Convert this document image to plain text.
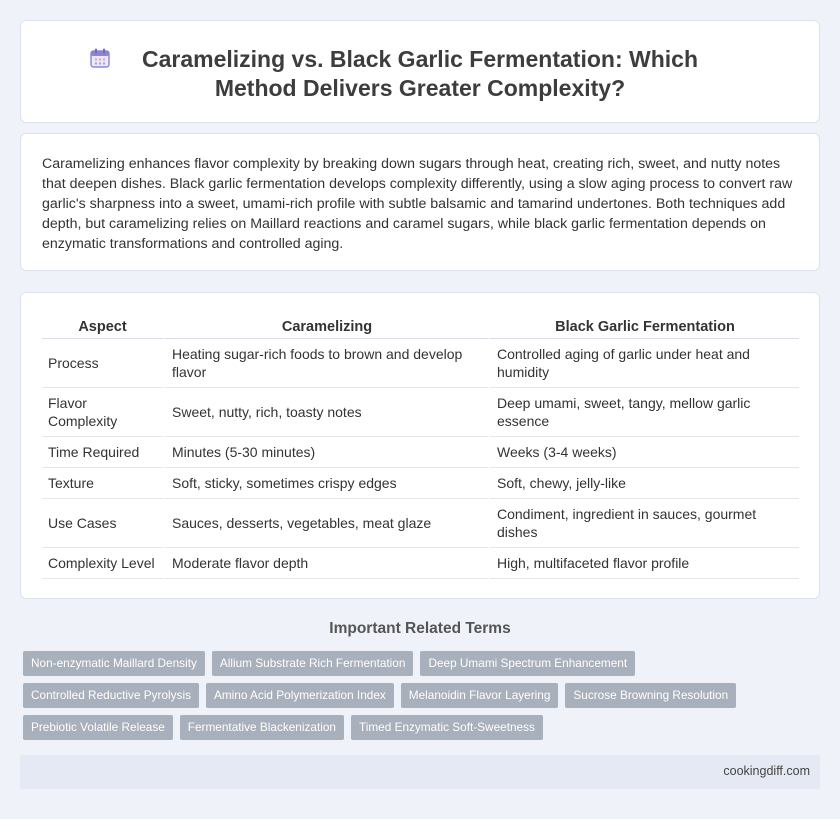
Caramelizing vs. Black Garlic Fermentation: Which Method Delivers Greater Complexity?

Caramelizing enhances flavor complexity by breaking down sugars through heat, creating rich, sweet, and nutty notes that deepen dishes. Black garlic fermentation develops complexity differently, using a slow aging process to convert raw garlic's sharpness into a sweet, umami-rich profile with subtle balsamic and tamarind undertones. Both techniques add depth, but caramelizing relies on Maillard reactions and caramel sugars, while black garlic fermentation depends on enzymatic transformations and controlled aging.

Aspect	Caramelizing	Black Garlic Fermentation
Process	Heating sugar-rich foods to brown and develop flavor	Controlled aging of garlic under heat and humidity
Flavor Complexity	Sweet, nutty, rich, toasty notes	Deep umami, sweet, tangy, mellow garlic essence
Time Required	Minutes (5-30 minutes)	Weeks (3-4 weeks)
Texture	Soft, sticky, sometimes crispy edges	Soft, chewy, jelly-like
Use Cases	Sauces, desserts, vegetables, meat glaze	Condiment, ingredient in sauces, gourmet dishes
Complexity Level	Moderate flavor depth	High, multifaceted flavor profile
Important Related Terms
Non-enzymatic Maillard Density	Allium Substrate Rich Fermentation	Deep Umami Spectrum Enhancement
Controlled Reductive Pyrolysis	Amino Acid Polymerization Index	Melanoidin Flavor Layering	Sucrose Browning Resolution
Prebiotic Volatile Release	Fermentative Blackenization	Timed Enzymatic Soft-Sweetness
cookingdiff.com
